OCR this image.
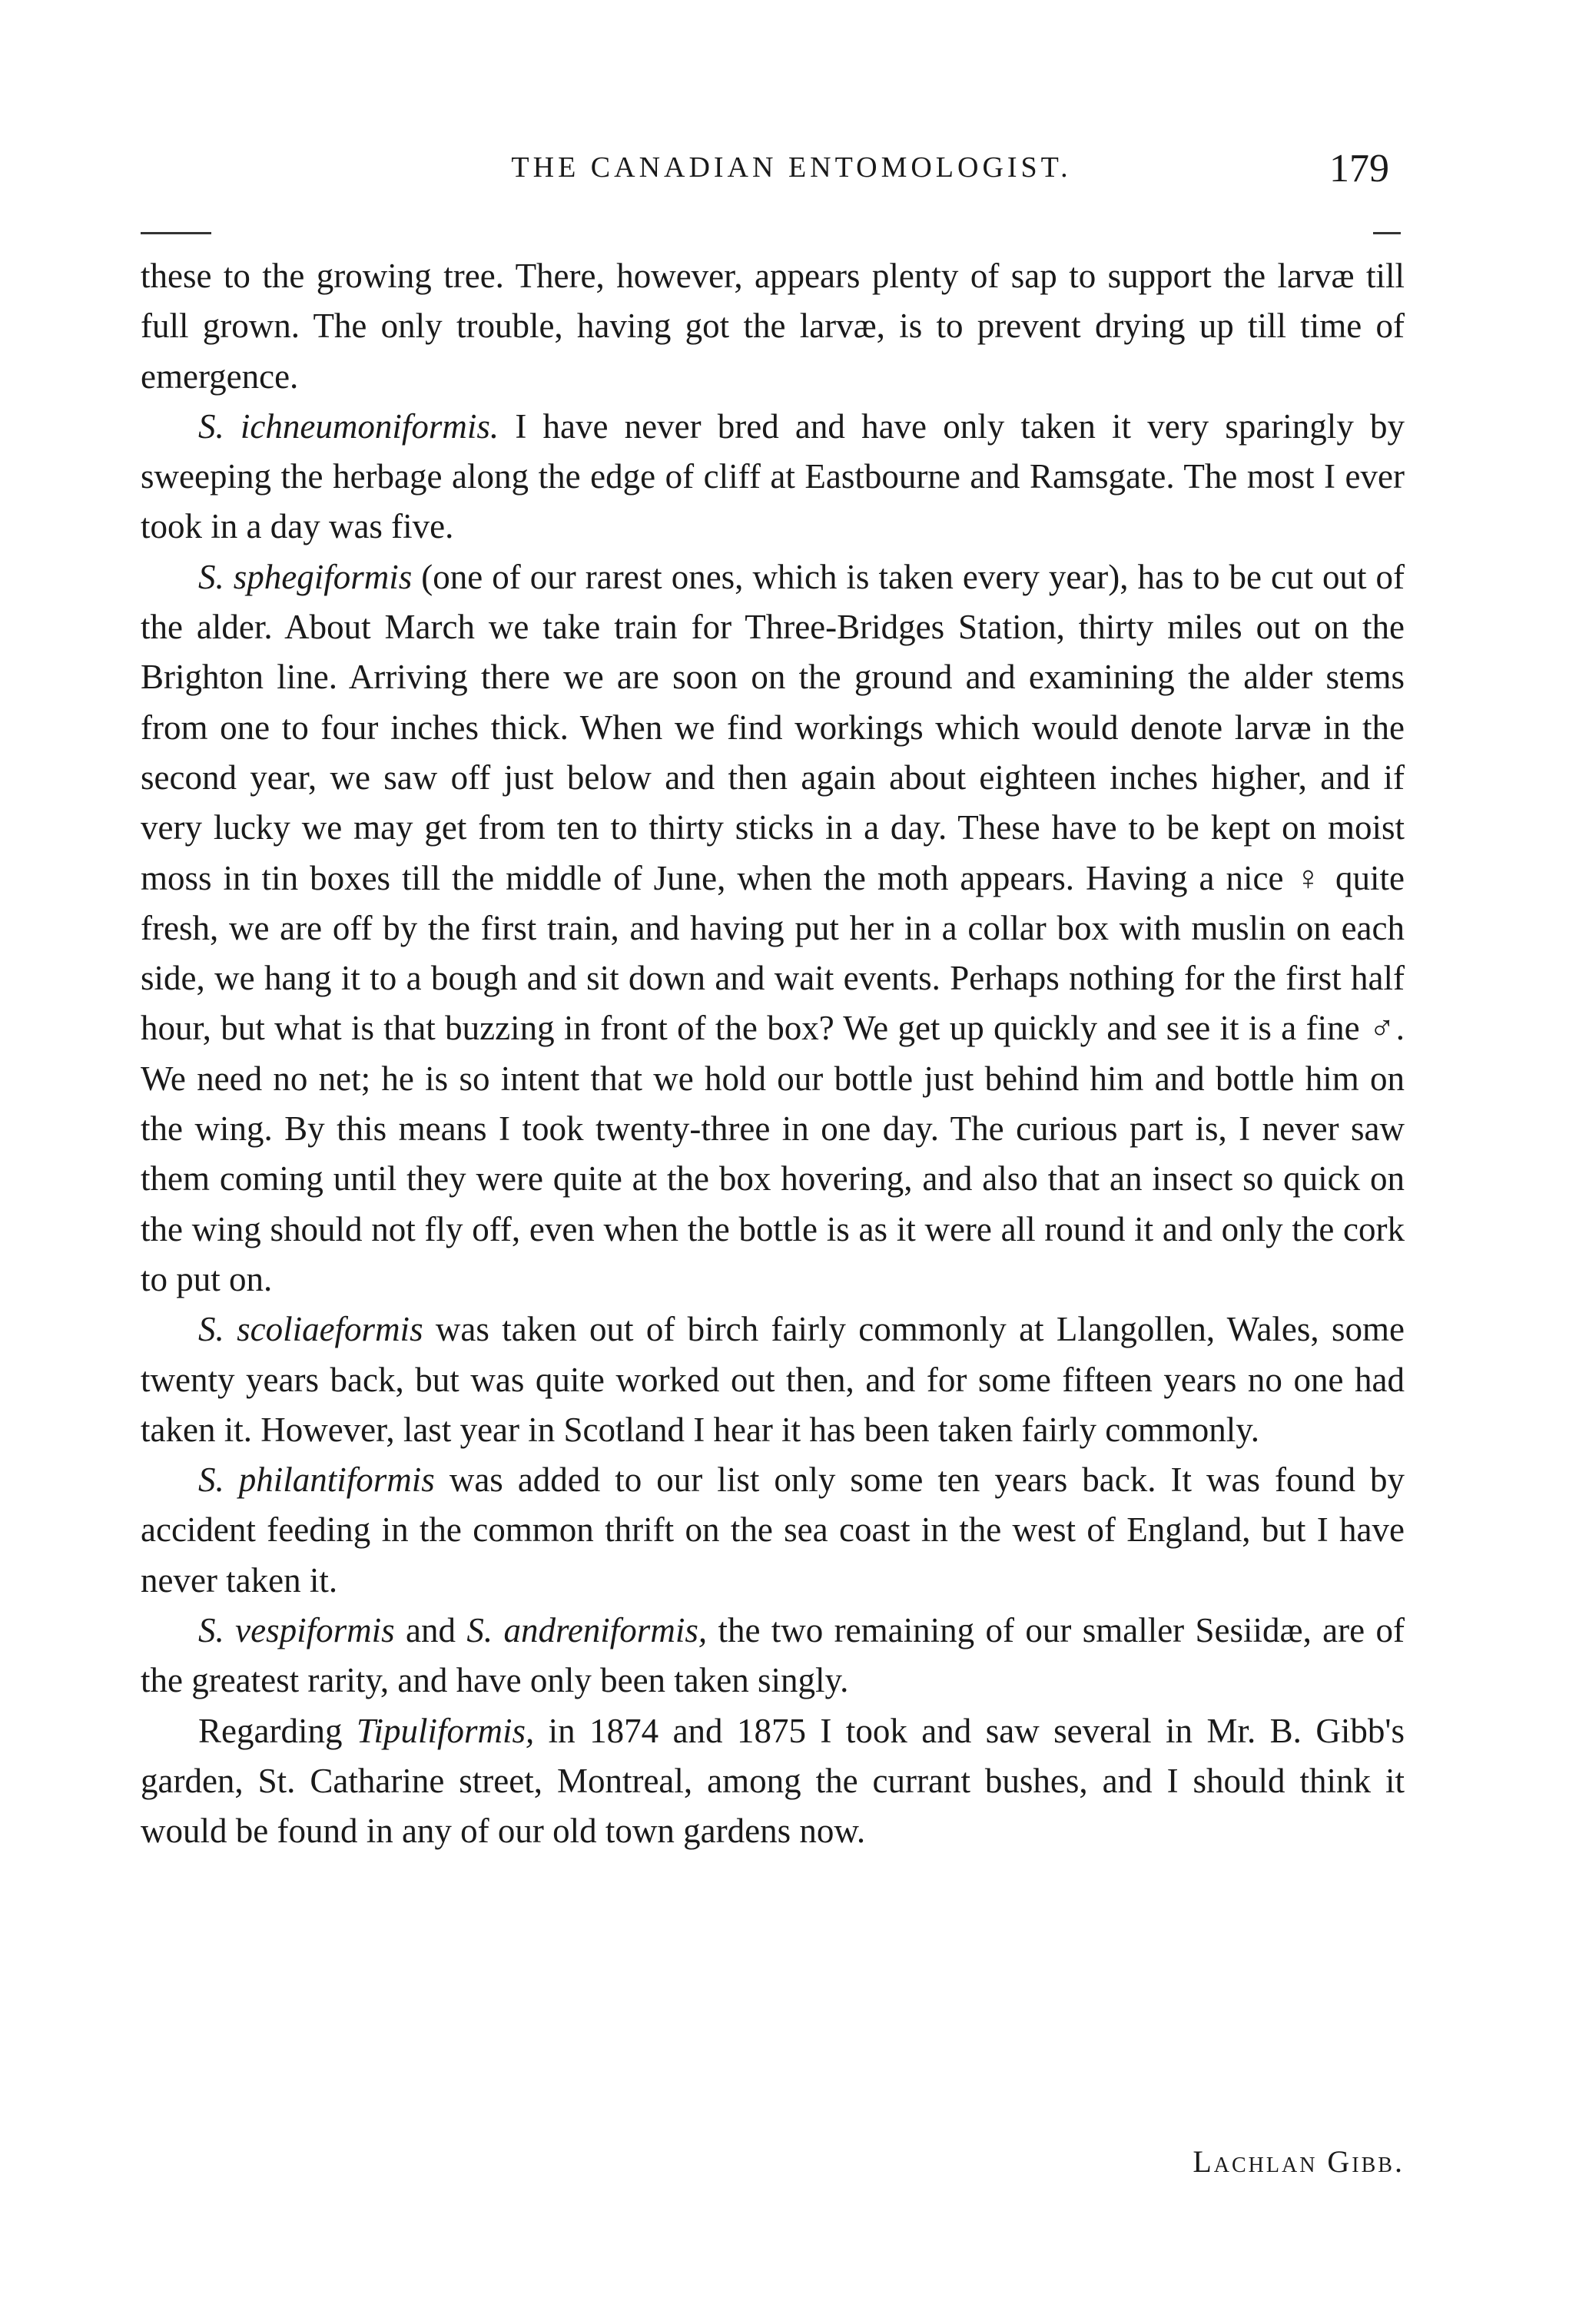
THE CANADIAN ENTOMOLOGIST.	179

these to the growing tree. There, however, appears plenty of sap to support the larvæ till full grown. The only trouble, having got the larvæ, is to prevent drying up till time of emergence.

S. ichneumoniformis. I have never bred and have only taken it very sparingly by sweeping the herbage along the edge of cliff at Eastbourne and Ramsgate. The most I ever took in a day was five.

S. sphegiformis (one of our rarest ones, which is taken every year), has to be cut out of the alder. About March we take train for Three-Bridges Station, thirty miles out on the Brighton line. Arriving there we are soon on the ground and examining the alder stems from one to four inches thick. When we find workings which would denote larvæ in the second year, we saw off just below and then again about eighteen inches higher, and if very lucky we may get from ten to thirty sticks in a day. These have to be kept on moist moss in tin boxes till the middle of June, when the moth appears. Having a nice ♀ quite fresh, we are off by the first train, and having put her in a collar box with muslin on each side, we hang it to a bough and sit down and wait events. Perhaps nothing for the first half hour, but what is that buzzing in front of the box? We get up quickly and see it is a fine ♂. We need no net; he is so intent that we hold our bottle just behind him and bottle him on the wing. By this means I took twenty-three in one day. The curious part is, I never saw them coming until they were quite at the box hovering, and also that an insect so quick on the wing should not fly off, even when the bottle is as it were all round it and only the cork to put on.

S. scoliaeformis was taken out of birch fairly commonly at Llangollen, Wales, some twenty years back, but was quite worked out then, and for some fifteen years no one had taken it. However, last year in Scotland I hear it has been taken fairly commonly.

S. philantiformis was added to our list only some ten years back. It was found by accident feeding in the common thrift on the sea coast in the west of England, but I have never taken it.

S. vespiformis and S. andreniformis, the two remaining of our smaller Sesiidæ, are of the greatest rarity, and have only been taken singly.

Regarding Tipuliformis, in 1874 and 1875 I took and saw several in Mr. B. Gibb's garden, St. Catharine street, Montreal, among the currant bushes, and I should think it would be found in any of our old town gardens now.

Lachlan Gibb.
